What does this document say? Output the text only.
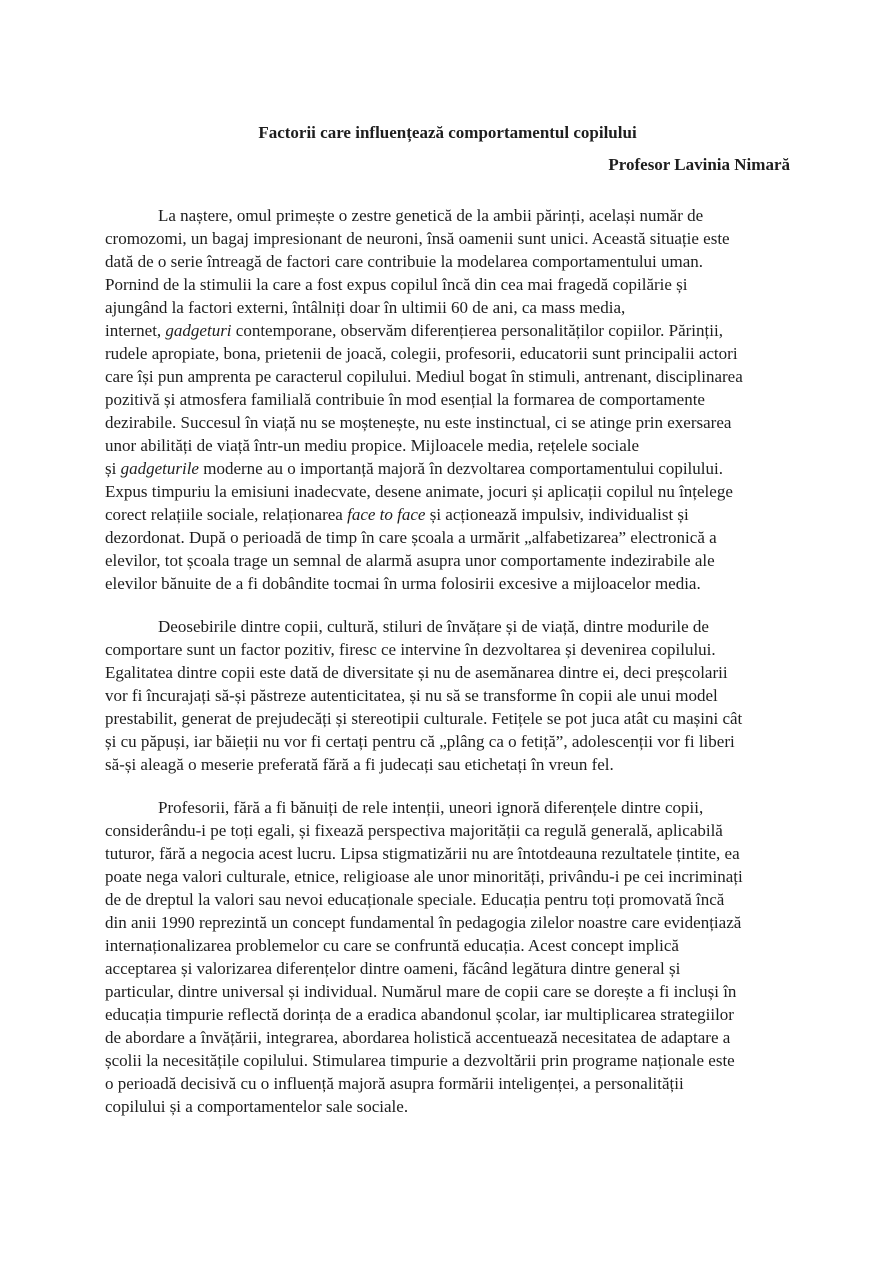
Factorii care influențează comportamentul copilului
Profesor Lavinia Nimară
La naștere, omul primește o zestre genetică de la ambii părinți, același număr de
cromozomi, un bagaj impresionant de neuroni, însă oamenii sunt unici. Această situație este
dată de o serie întreagă de factori care contribuie la modelarea comportamentului uman.
Pornind de la stimulii la care a fost expus copilul încă din cea mai fragedă copilărie și
ajungând la factori externi, întâlniți doar în ultimii 60 de ani, ca mass media,
internet, gadgeturi contemporane, observăm diferențierea personalităților copiilor. Părinții,
rudele apropiate, bona, prietenii de joacă, colegii, profesorii, educatorii sunt principalii actori
care își pun amprenta pe caracterul copilului. Mediul bogat în stimuli, antrenant, disciplinarea
pozitivă și atmosfera familială contribuie în mod esențial la formarea de comportamente
dezirabile. Succesul în viață nu se moștenește, nu este instinctual, ci se atinge prin exersarea
unor abilități de viață într-un mediu propice. Mijloacele media, rețelele sociale
și gadgeturile moderne au o importanță majoră în dezvoltarea comportamentului copilului.
Expus timpuriu la emisiuni inadecvate, desene animate, jocuri și aplicații copilul nu înțelege
corect relațiile sociale, relaționarea face to face și acționează impulsiv, individualist și
dezordonat. După o perioadă de timp în care școala a urmărit „alfabetizarea” electronică a
elevilor, tot școala trage un semnal de alarmă asupra unor comportamente indezirabile ale
elevilor bănuite de a fi dobândite tocmai în urma folosirii excesive a mijloacelor media.
Deosebirile dintre copii, cultură, stiluri de învățare și de viață, dintre modurile de
comportare sunt un factor pozitiv, firesc ce intervine în dezvoltarea și devenirea copilului.
Egalitatea dintre copii este dată de diversitate și nu de asemănarea dintre ei, deci preșcolarii
vor fi încurajați să-și păstreze autenticitatea, și nu să se transforme în copii ale unui model
prestabilit, generat de prejudecăți și stereotipii culturale. Fetițele se pot juca atât cu mașini cât
și cu păpuși, iar băieții nu vor fi certați pentru că „plâng ca o fetiță”, adolescenții vor fi liberi
să-și aleagă o meserie preferată fără a fi judecați sau etichetați în vreun fel.
Profesorii, fără a fi bănuiți de rele intenții, uneori ignoră diferențele dintre copii,
considerându-i pe toți egali, și fixează perspectiva majorității ca regulă generală, aplicabilă
tuturor, fără a negocia acest lucru. Lipsa stigmatizării nu are întotdeauna rezultatele țintite, ea
poate nega valori culturale, etnice, religioase ale unor minorități, privându-i pe cei incriminați
de de dreptul la valori sau nevoi educaționale speciale. Educația pentru toți promovată încă
din anii 1990 reprezintă un concept fundamental în pedagogia zilelor noastre care evidențiază
internaționalizarea problemelor cu care se confruntă educația. Acest concept implică
acceptarea și valorizarea diferențelor dintre oameni, făcând legătura dintre general și
particular, dintre universal și individual. Numărul mare de copii care se dorește a fi incluși în
educația timpurie reflectă dorința de a eradica abandonul școlar, iar multiplicarea strategiilor
de abordare a învățării, integrarea, abordarea holistică accentuează necesitatea de adaptare a
școlii la necesitățile copilului. Stimularea timpurie a dezvoltării prin programe naționale este
o perioadă decisivă cu o influență majoră asupra formării inteligenței, a personalității
copilului și a comportamentelor sale sociale.
